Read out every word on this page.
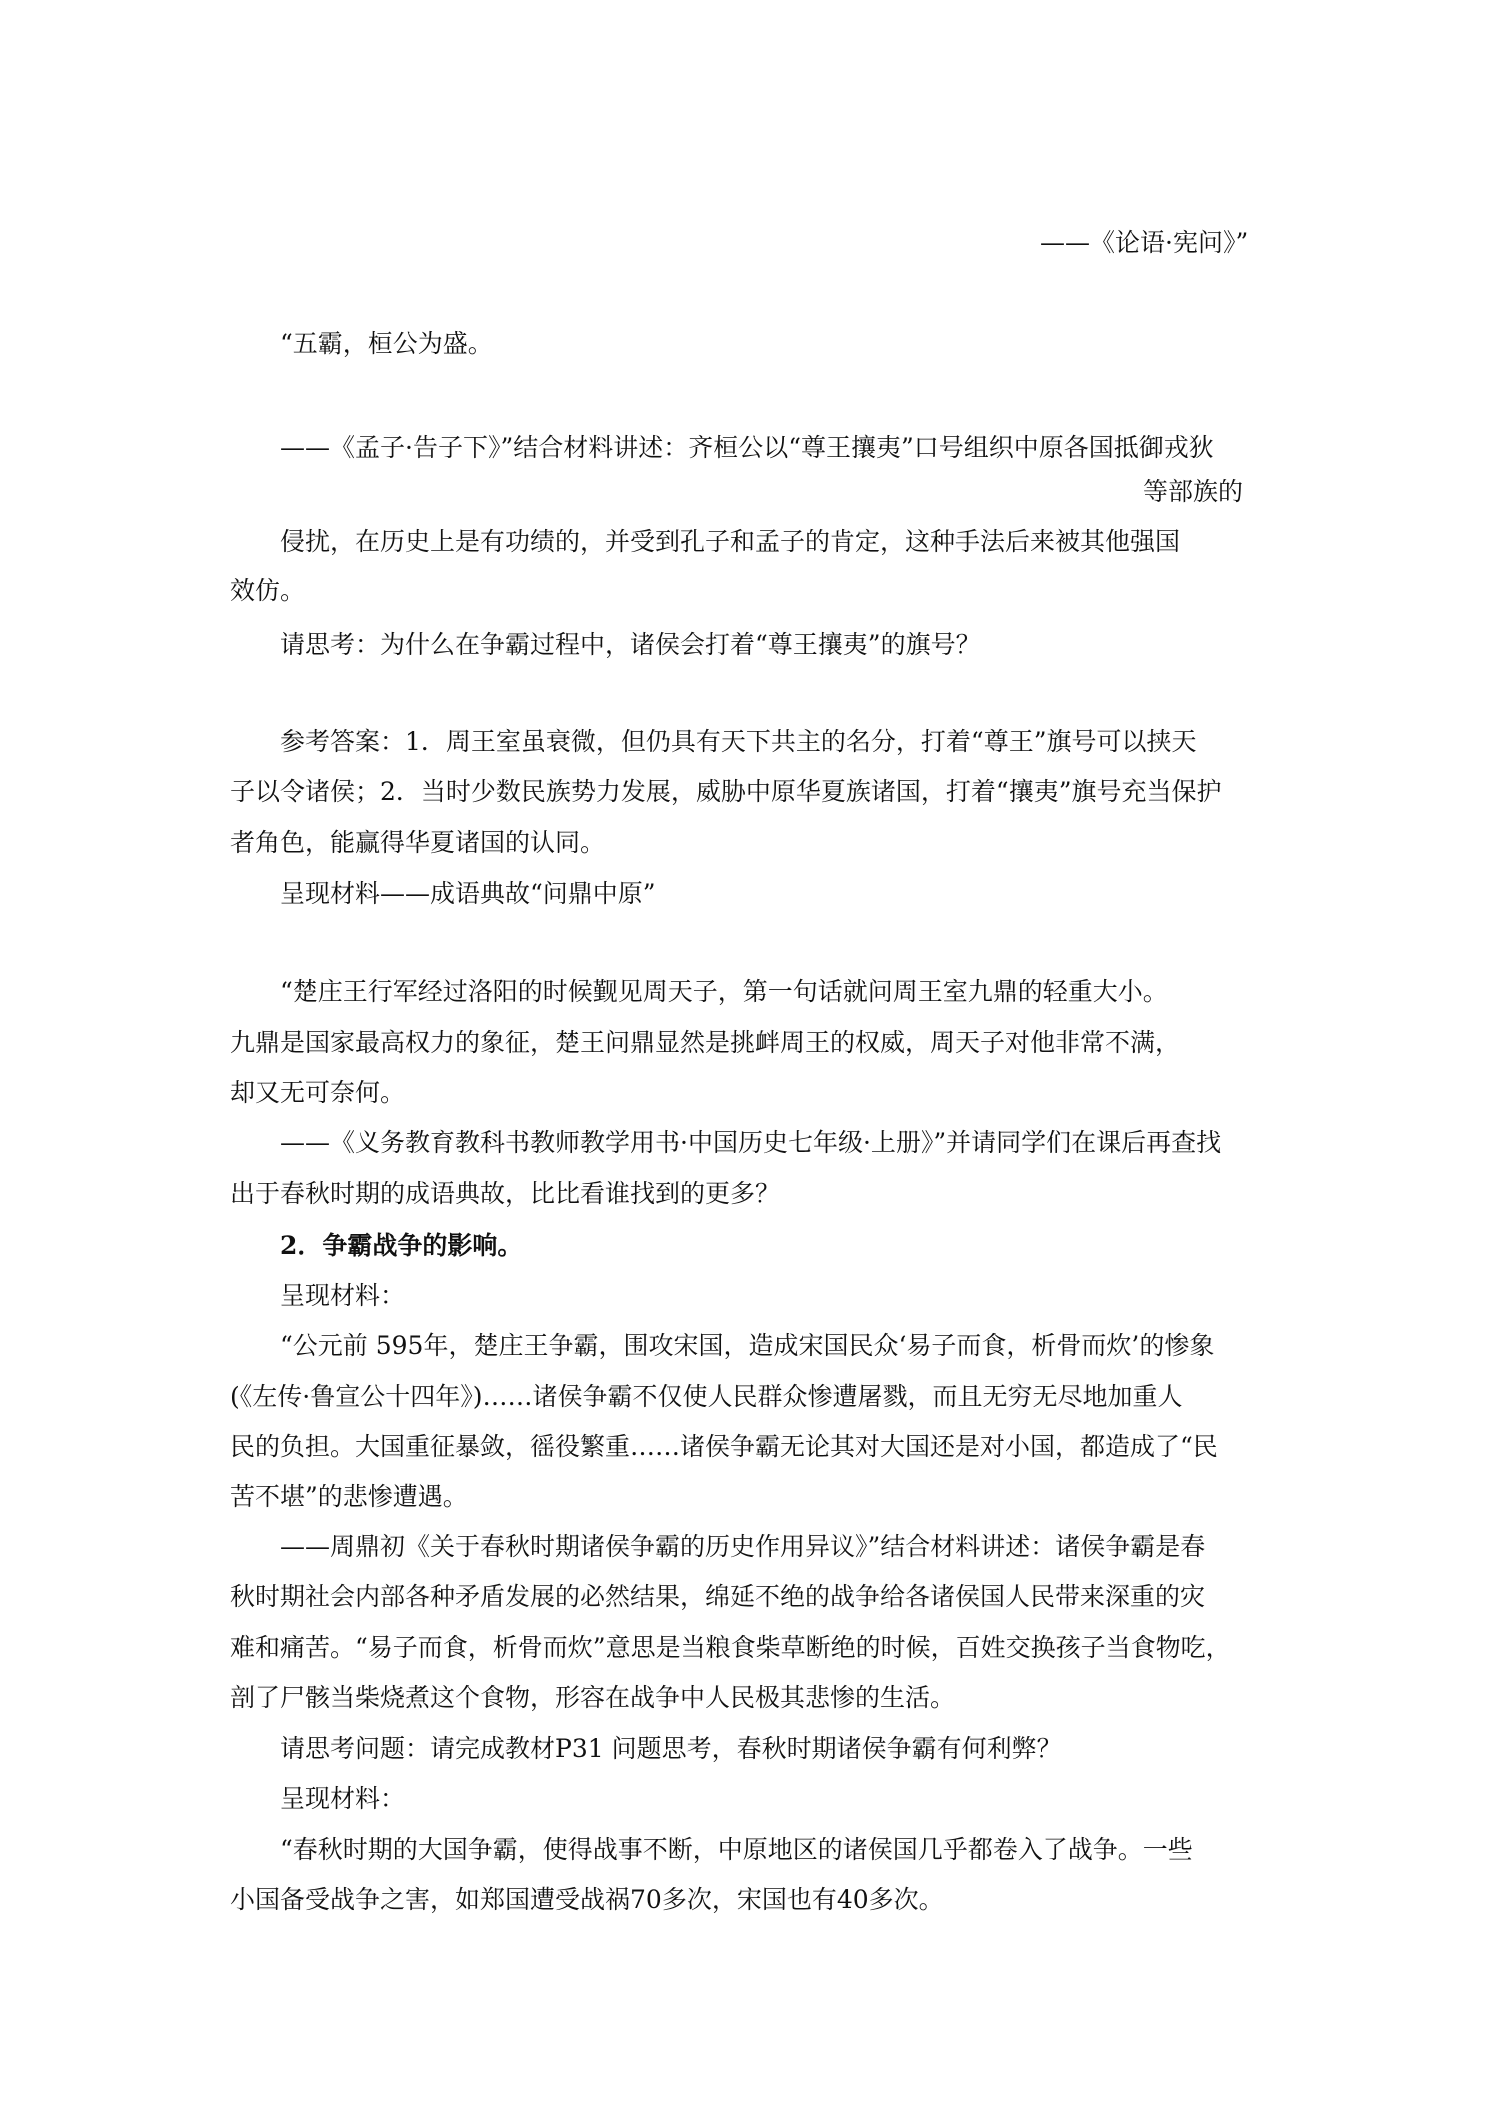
——《论语·宪问》”

“五霸，桓公为盛。

——《孟子·告子下》”结合材料讲述：齐桓公以“尊王攘夷”口号组织中原各国抵御戎狄

等部族的

侵扰，在历史上是有功绩的，并受到孔子和孟子的肯定，这种手法后来被其他强国

效仿。

请思考：为什么在争霸过程中，诸侯会打着“尊王攘夷”的旗号？

参考答案：1．周王室虽衰微，但仍具有天下共主的名分，打着“尊王”旗号可以挟天

子以令诸侯；2．当时少数民族势力发展，威胁中原华夏族诸国，打着“攘夷”旗号充当保护

者角色，能赢得华夏诸国的认同。

呈现材料——成语典故“问鼎中原”

“楚庄王行军经过洛阳的时候觐见周天子，第一句话就问周王室九鼎的轻重大小。

九鼎是国家最高权力的象征，楚王问鼎显然是挑衅周王的权威，周天子对他非常不满，

却又无可奈何。

——《义务教育教科书教师教学用书·中国历史七年级·上册》”并请同学们在课后再查找

出于春秋时期的成语典故，比比看谁找到的更多？

2．争霸战争的影响。

呈现材料：

“公元前 595年，楚庄王争霸，围攻宋国，造成宋国民众‘易子而食，析骨而炊’的惨象

(《左传·鲁宣公十四年》)……诸侯争霸不仅使人民群众惨遭屠戮，而且无穷无尽地加重人

民的负担。大国重征暴敛，徭役繁重……诸侯争霸无论其对大国还是对小国，都造成了“民

苦不堪”的悲惨遭遇。

——周鼎初《关于春秋时期诸侯争霸的历史作用异议》”结合材料讲述：诸侯争霸是春

秋时期社会内部各种矛盾发展的必然结果，绵延不绝的战争给各诸侯国人民带来深重的灾

难和痛苦。“易子而食，析骨而炊”意思是当粮食柴草断绝的时候，百姓交换孩子当食物吃，

剖了尸骸当柴烧煮这个食物，形容在战争中人民极其悲惨的生活。

请思考问题：请完成教材P31 问题思考，春秋时期诸侯争霸有何利弊？

呈现材料：

“春秋时期的大国争霸，使得战事不断，中原地区的诸侯国几乎都卷入了战争。一些

小国备受战争之害，如郑国遭受战祸70多次，宋国也有40多次。
